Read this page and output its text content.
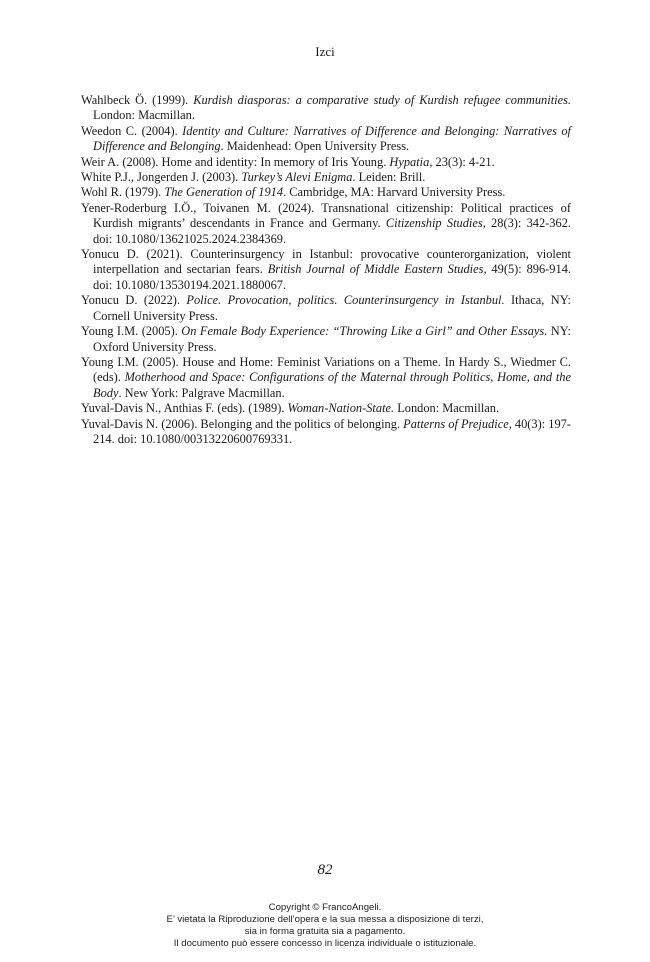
Izci

Wahlbeck Ö. (1999). Kurdish diasporas: a comparative study of Kurdish refugee communities. London: Macmillan.

Weedon C. (2004). Identity and Culture: Narratives of Difference and Belonging: Narratives of Difference and Belonging. Maidenhead: Open University Press.

Weir A. (2008). Home and identity: In memory of Iris Young. Hypatia, 23(3): 4-21.

White P.J., Jongerden J. (2003). Turkey’s Alevi Enigma. Leiden: Brill.

Wohl R. (1979). The Generation of 1914. Cambridge, MA: Harvard University Press.

Yener-Roderburg I.Ö., Toivanen M. (2024). Transnational citizenship: Political practices of Kurdish migrants’ descendants in France and Germany. Citizenship Studies, 28(3): 342-362. doi: 10.1080/13621025.2024.2384369.

Yonucu D. (2021). Counterinsurgency in Istanbul: provocative counterorganization, violent interpellation and sectarian fears. British Journal of Middle Eastern Studies, 49(5): 896-914. doi: 10.1080/13530194.2021.1880067.

Yonucu D. (2022). Police. Provocation, politics. Counterinsurgency in Istanbul. Ithaca, NY: Cornell University Press.

Young I.M. (2005). On Female Body Experience: “Throwing Like a Girl” and Other Essays. NY: Oxford University Press.

Young I.M. (2005). House and Home: Feminist Variations on a Theme. In Hardy S., Wiedmer C. (eds). Motherhood and Space: Configurations of the Maternal through Politics, Home, and the Body. New York: Palgrave Macmillan.

Yuval-Davis N., Anthias F. (eds). (1989). Woman-Nation-State. London: Macmillan.

Yuval-Davis N. (2006). Belonging and the politics of belonging. Patterns of Prejudice, 40(3): 197-214. doi: 10.1080/00313220600769331.

82
Copyright © FrancoAngeli.
E’ vietata la Riproduzione dell’opera e la sua messa a disposizione di terzi,
sia in forma gratuita sia a pagamento.
Il documento può essere concesso in licenza individuale o istituzionale.
